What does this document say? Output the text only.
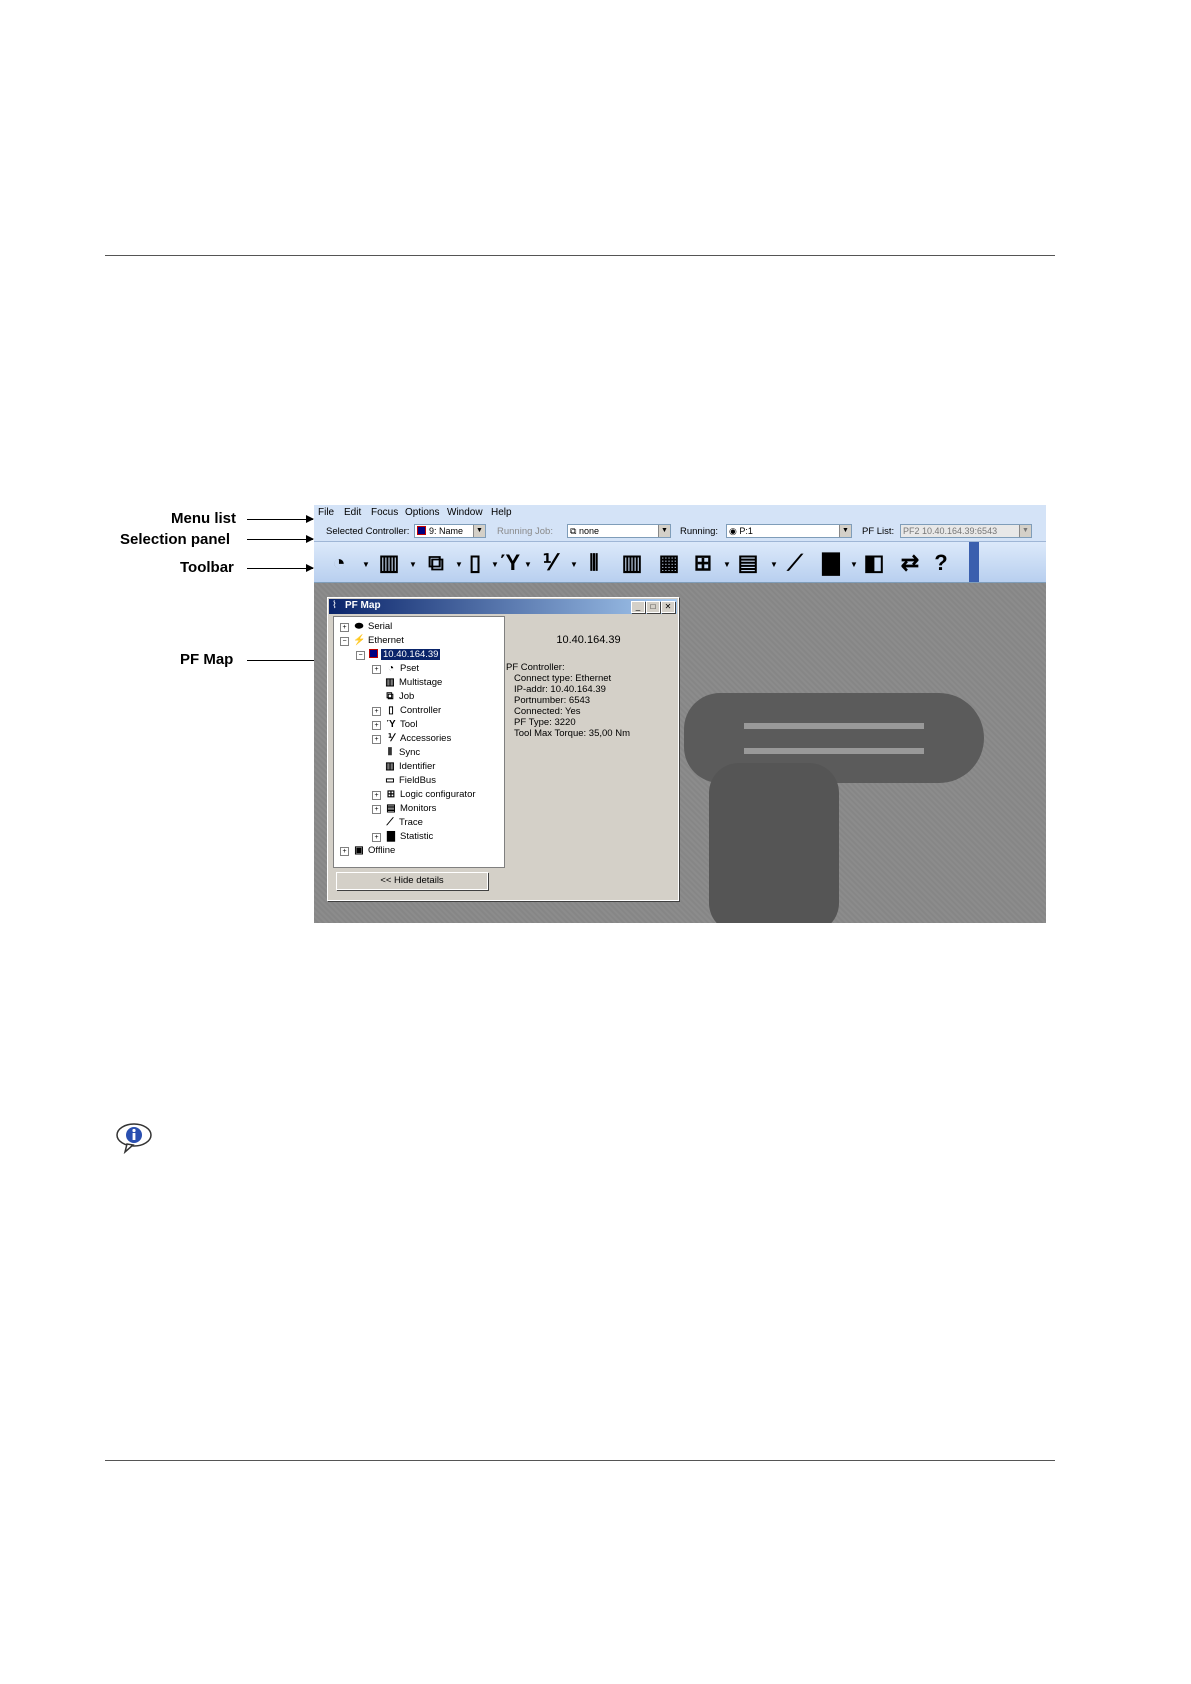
Menu list
Selection panel
Toolbar
PF Map
File Edit Focus Options Window Help
Selected Controller:	9: Name	▼ Running Job:	⧉ none	▼ Running:	◉ P:1	▼ PF List: PF2 10.40.164.39:6543	▼
◔	▼ ▥	▼ ⧉	▼ ▯	▼ Ύ ▼ ⅟	▼ ⫴	▥ ▦ ⊞	▼ ▤	▼ ⟋ ▇	▼ ◧ ⇄ ?
⌇ PF Map	_	□	✕
+ ⬬ Serial
− ⚡ Ethernet
− 10.40.164.39
+ ◔ Pset
▥ Multistage
⧉ Job
+ ▯ Controller
+ Ύ Tool
+ ⅟ Accessories
⫴ Sync
▥ Identifier
▭ FieldBus
+ ⊞ Logic configurator
+ ▤ Monitors
⟋ Trace
+ ▇ Statistic
+ ▣ Offline
10.40.164.39
PF Controller:
Connect type: Ethernet
IP-addr: 10.40.164.39
Portnumber: 6543
Connected: Yes
PF Type: 3220
Tool Max Torque: 35,00 Nm
<< Hide details
